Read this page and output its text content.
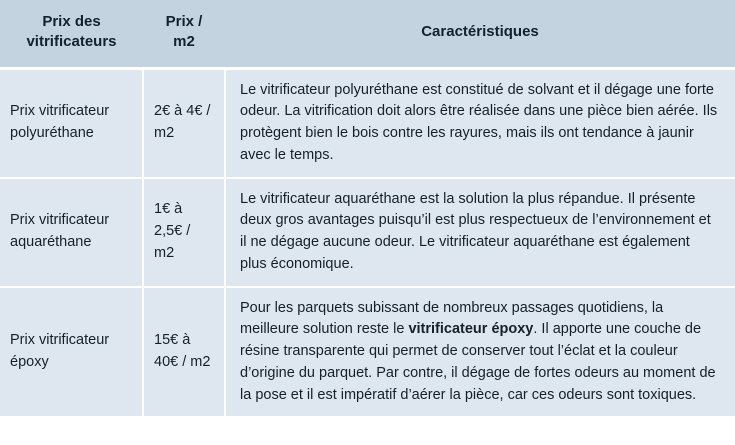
Prix des vitrificateurs	Prix / m2	Caractéristiques
Prix vitrificateur polyuréthane	2€ à 4€ / m2	Le vitrificateur polyuréthane est constitué de solvant et il dégage une forte odeur. La vitrification doit alors être réalisée dans une pièce bien aérée. Ils protègent bien le bois contre les rayures, mais ils ont tendance à jaunir avec le temps.
Prix vitrificateur aquaréthane	1€ à 2,5€ / m2	Le vitrificateur aquaréthane est la solution la plus répandue. Il présente deux gros avantages puisqu’il est plus respectueux de l’environnement et il ne dégage aucune odeur. Le vitrificateur aquaréthane est également plus économique.
Prix vitrificateur époxy	15€ à 40€ / m2	Pour les parquets subissant de nombreux passages quotidiens, la meilleure solution reste le vitrificateur époxy. Il apporte une couche de résine transparente qui permet de conserver tout l’éclat et la couleur d’origine du parquet. Par contre, il dégage de fortes odeurs au moment de la pose et il est impératif d’aérer la pièce, car ces odeurs sont toxiques.
